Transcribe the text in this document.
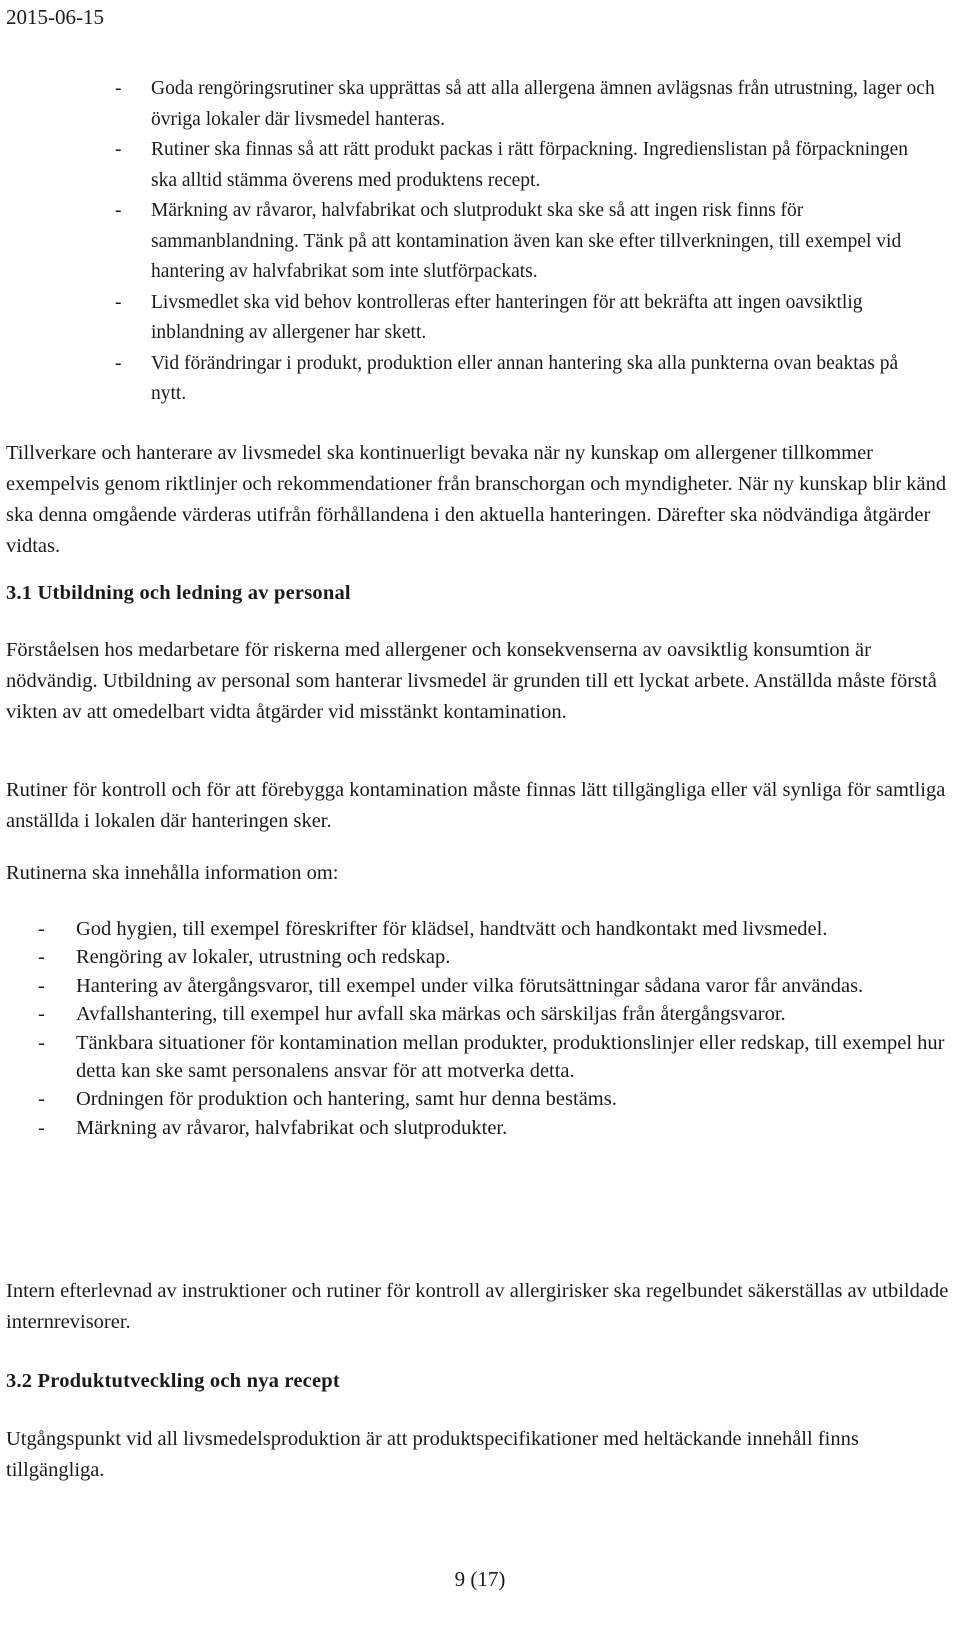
2015-06-15
-	Goda rengöringsrutiner ska upprättas så att alla allergena ämnen avlägsnas från utrustning, lager och övriga lokaler där livsmedel hanteras.
-	Rutiner ska finnas så att rätt produkt packas i rätt förpackning. Ingredienslistan på förpackningen ska alltid stämma överens med produktens recept.
-	Märkning av råvaror, halvfabrikat och slutprodukt ska ske så att ingen risk finns för sammanblandning. Tänk på att kontamination även kan ske efter tillverkningen, till exempel vid hantering av halvfabrikat som inte slutförpackats.
-	Livsmedlet ska vid behov kontrolleras efter hanteringen för att bekräfta att ingen oavsiktlig inblandning av allergener har skett.
-	Vid förändringar i produkt, produktion eller annan hantering ska alla punkterna ovan beaktas på nytt.

Tillverkare och hanterare av livsmedel ska kontinuerligt bevaka när ny kunskap om allergener tillkommer exempelvis genom riktlinjer och rekommendationer från branschorgan och myndigheter. När ny kunskap blir känd ska denna omgående värderas utifrån förhållandena i den aktuella hanteringen. Därefter ska nödvändiga åtgärder vidtas.

3.1 Utbildning och ledning av personal

Förståelsen hos medarbetare för riskerna med allergener och konsekvenserna av oavsiktlig konsumtion är nödvändig. Utbildning av personal som hanterar livsmedel är grunden till ett lyckat arbete. Anställda måste förstå vikten av att omedelbart vidta åtgärder vid misstänkt kontamination.

Rutiner för kontroll och för att förebygga kontamination måste finnas lätt tillgängliga eller väl synliga för samtliga anställda i lokalen där hanteringen sker.

Rutinerna ska innehålla information om:

-	God hygien, till exempel föreskrifter för klädsel, handtvätt och handkontakt med livsmedel.
-	Rengöring av lokaler, utrustning och redskap.
-	Hantering av återgångsvaror, till exempel under vilka förutsättningar sådana varor får användas.
-	Avfallshantering, till exempel hur avfall ska märkas och särskiljas från återgångsvaror.
-	Tänkbara situationer för kontamination mellan produkter, produktionslinjer eller redskap, till exempel hur detta kan ske samt personalens ansvar för att motverka detta.
-	Ordningen för produktion och hantering, samt hur denna bestäms.
-	Märkning av råvaror, halvfabrikat och slutprodukter.

Intern efterlevnad av instruktioner och rutiner för kontroll av allergirisker ska regelbundet säkerställas av utbildade internrevisorer.

3.2 Produktutveckling och nya recept

Utgångspunkt vid all livsmedelsproduktion är att produktspecifikationer med heltäckande innehåll finns tillgängliga.

9 (17)
